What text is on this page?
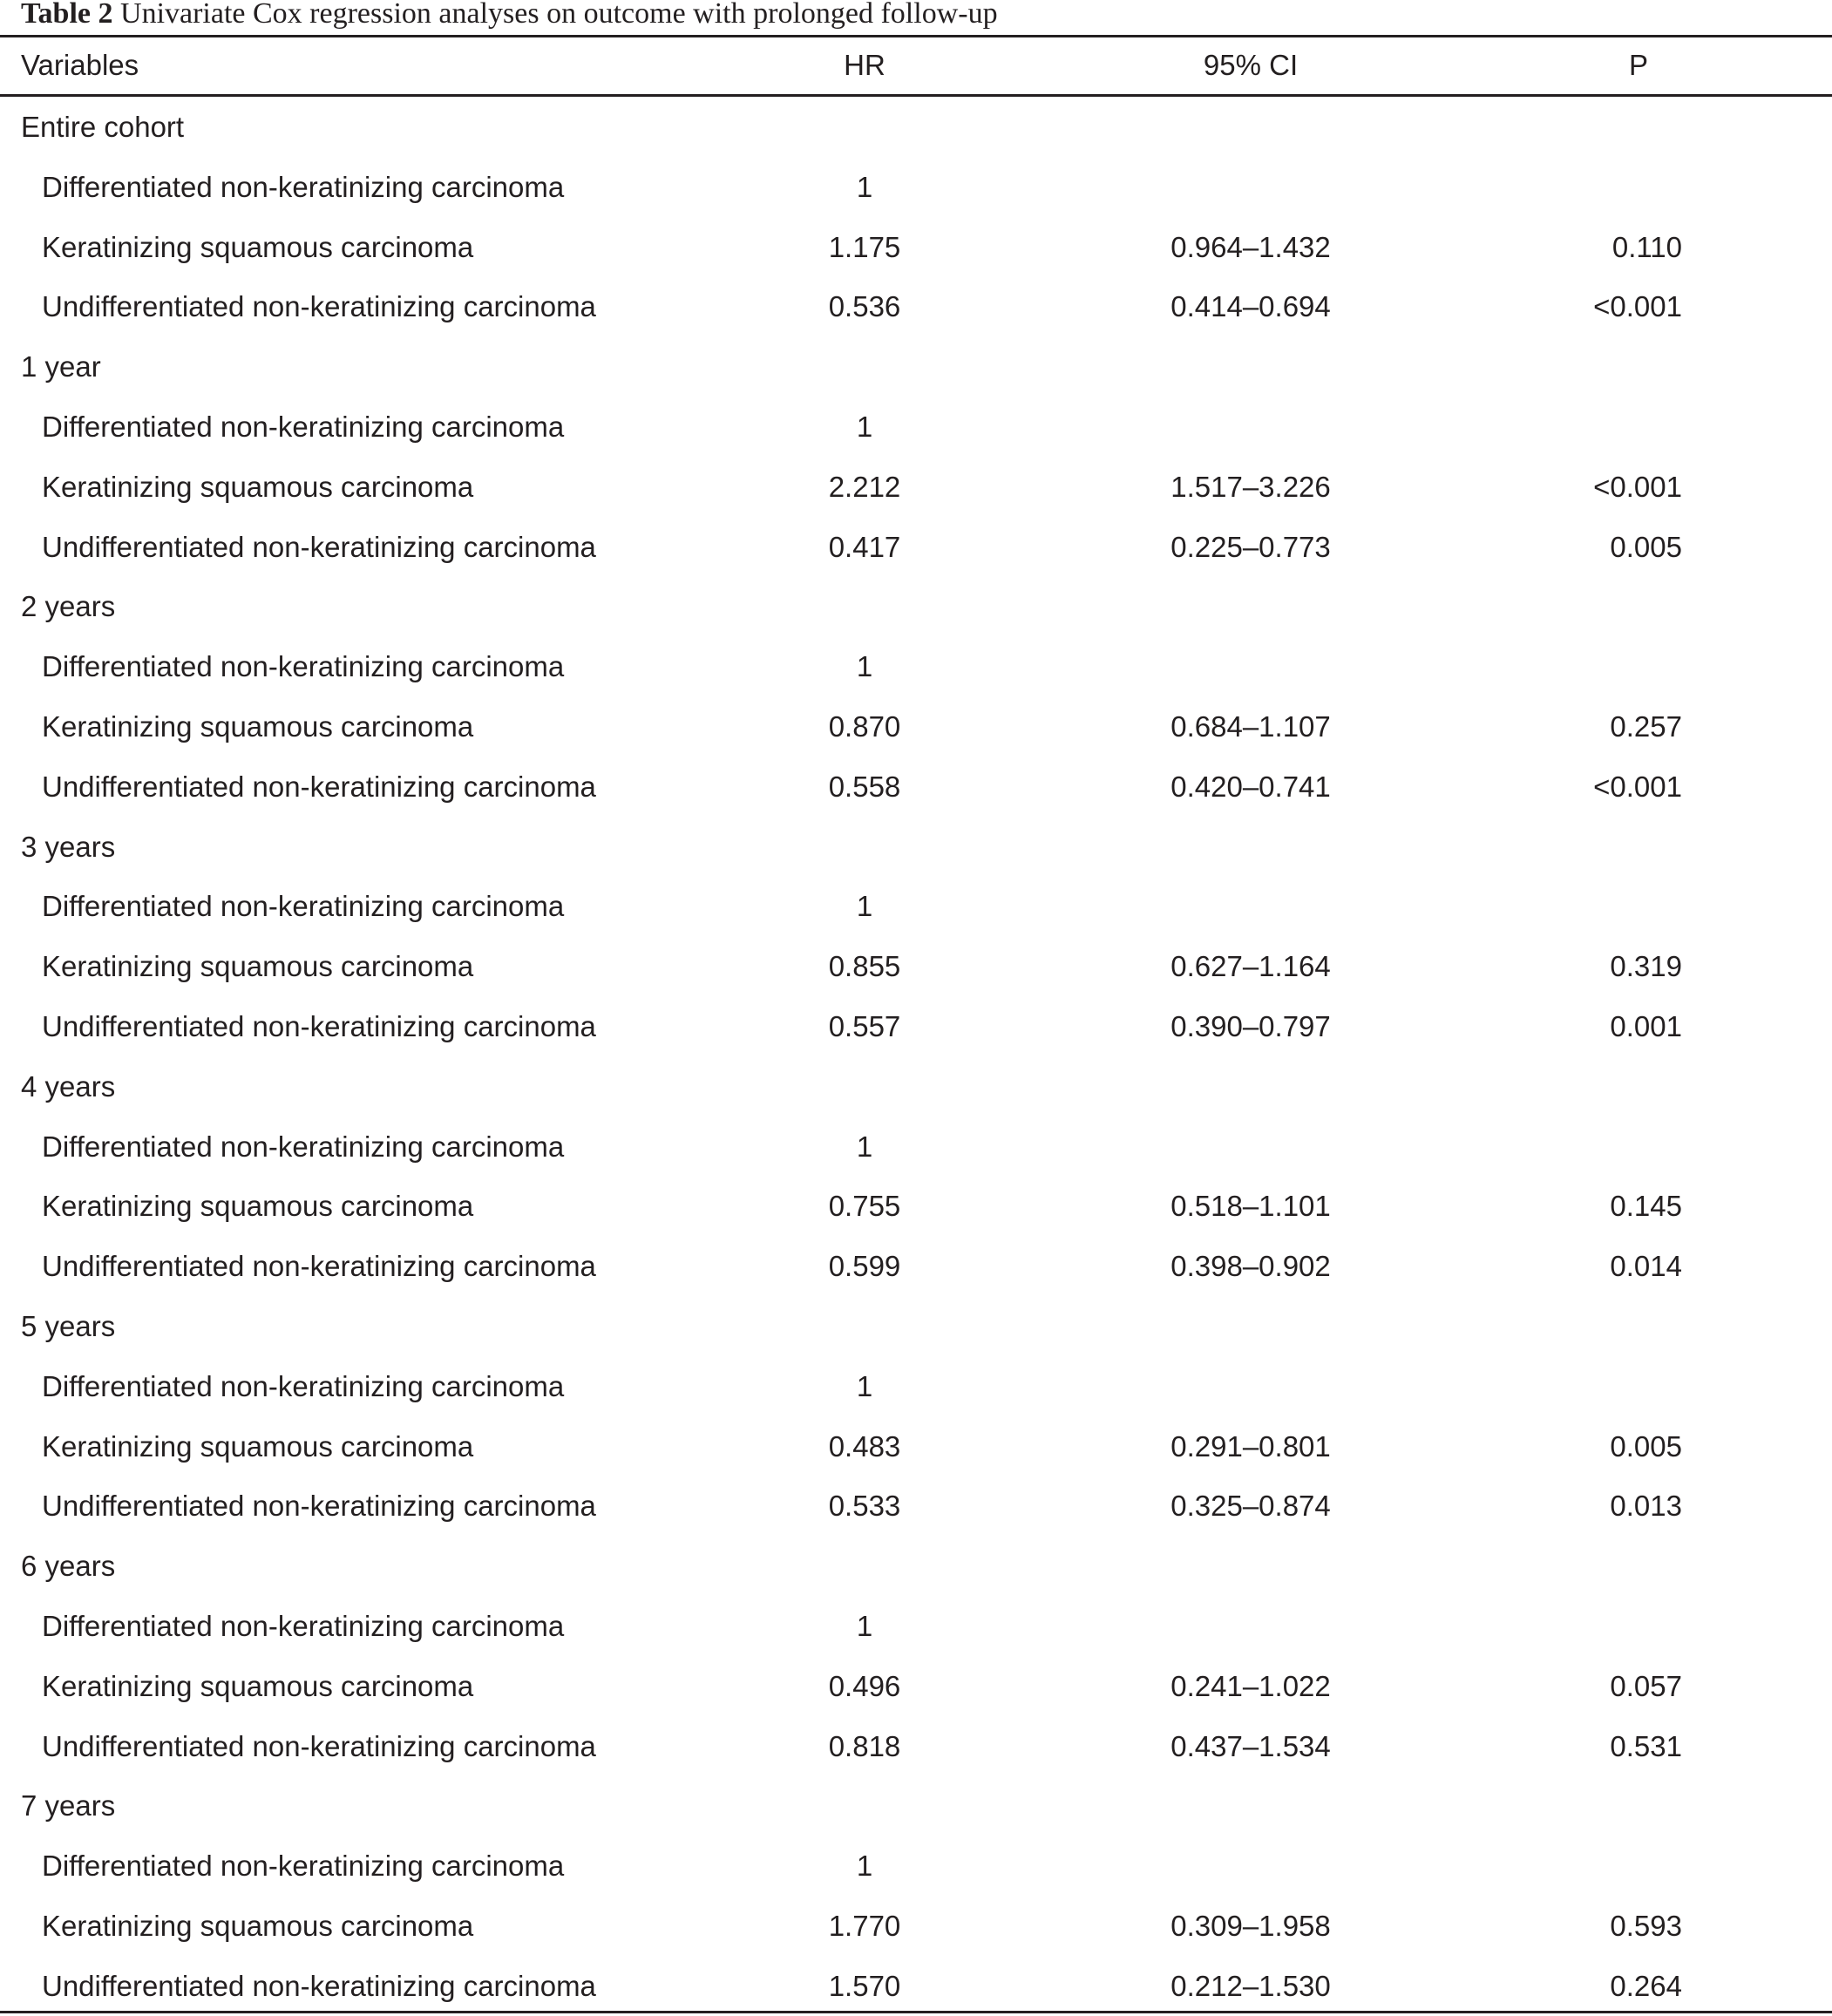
Table 2 Univariate Cox regression analyses on outcome with prolonged follow-up
Variables	HR	95% CI	P
Entire cohort
Differentiated non-keratinizing carcinoma	1
Keratinizing squamous carcinoma	1.175	0.964–1.432	0.110
Undifferentiated non-keratinizing carcinoma	0.536	0.414–0.694	<0.001
1 year
Differentiated non-keratinizing carcinoma	1
Keratinizing squamous carcinoma	2.212	1.517–3.226	<0.001
Undifferentiated non-keratinizing carcinoma	0.417	0.225–0.773	0.005
2 years
Differentiated non-keratinizing carcinoma	1
Keratinizing squamous carcinoma	0.870	0.684–1.107	0.257
Undifferentiated non-keratinizing carcinoma	0.558	0.420–0.741	<0.001
3 years
Differentiated non-keratinizing carcinoma	1
Keratinizing squamous carcinoma	0.855	0.627–1.164	0.319
Undifferentiated non-keratinizing carcinoma	0.557	0.390–0.797	0.001
4 years
Differentiated non-keratinizing carcinoma	1
Keratinizing squamous carcinoma	0.755	0.518–1.101	0.145
Undifferentiated non-keratinizing carcinoma	0.599	0.398–0.902	0.014
5 years
Differentiated non-keratinizing carcinoma	1
Keratinizing squamous carcinoma	0.483	0.291–0.801	0.005
Undifferentiated non-keratinizing carcinoma	0.533	0.325–0.874	0.013
6 years
Differentiated non-keratinizing carcinoma	1
Keratinizing squamous carcinoma	0.496	0.241–1.022	0.057
Undifferentiated non-keratinizing carcinoma	0.818	0.437–1.534	0.531
7 years
Differentiated non-keratinizing carcinoma	1
Keratinizing squamous carcinoma	1.770	0.309–1.958	0.593
Undifferentiated non-keratinizing carcinoma	1.570	0.212–1.530	0.264
